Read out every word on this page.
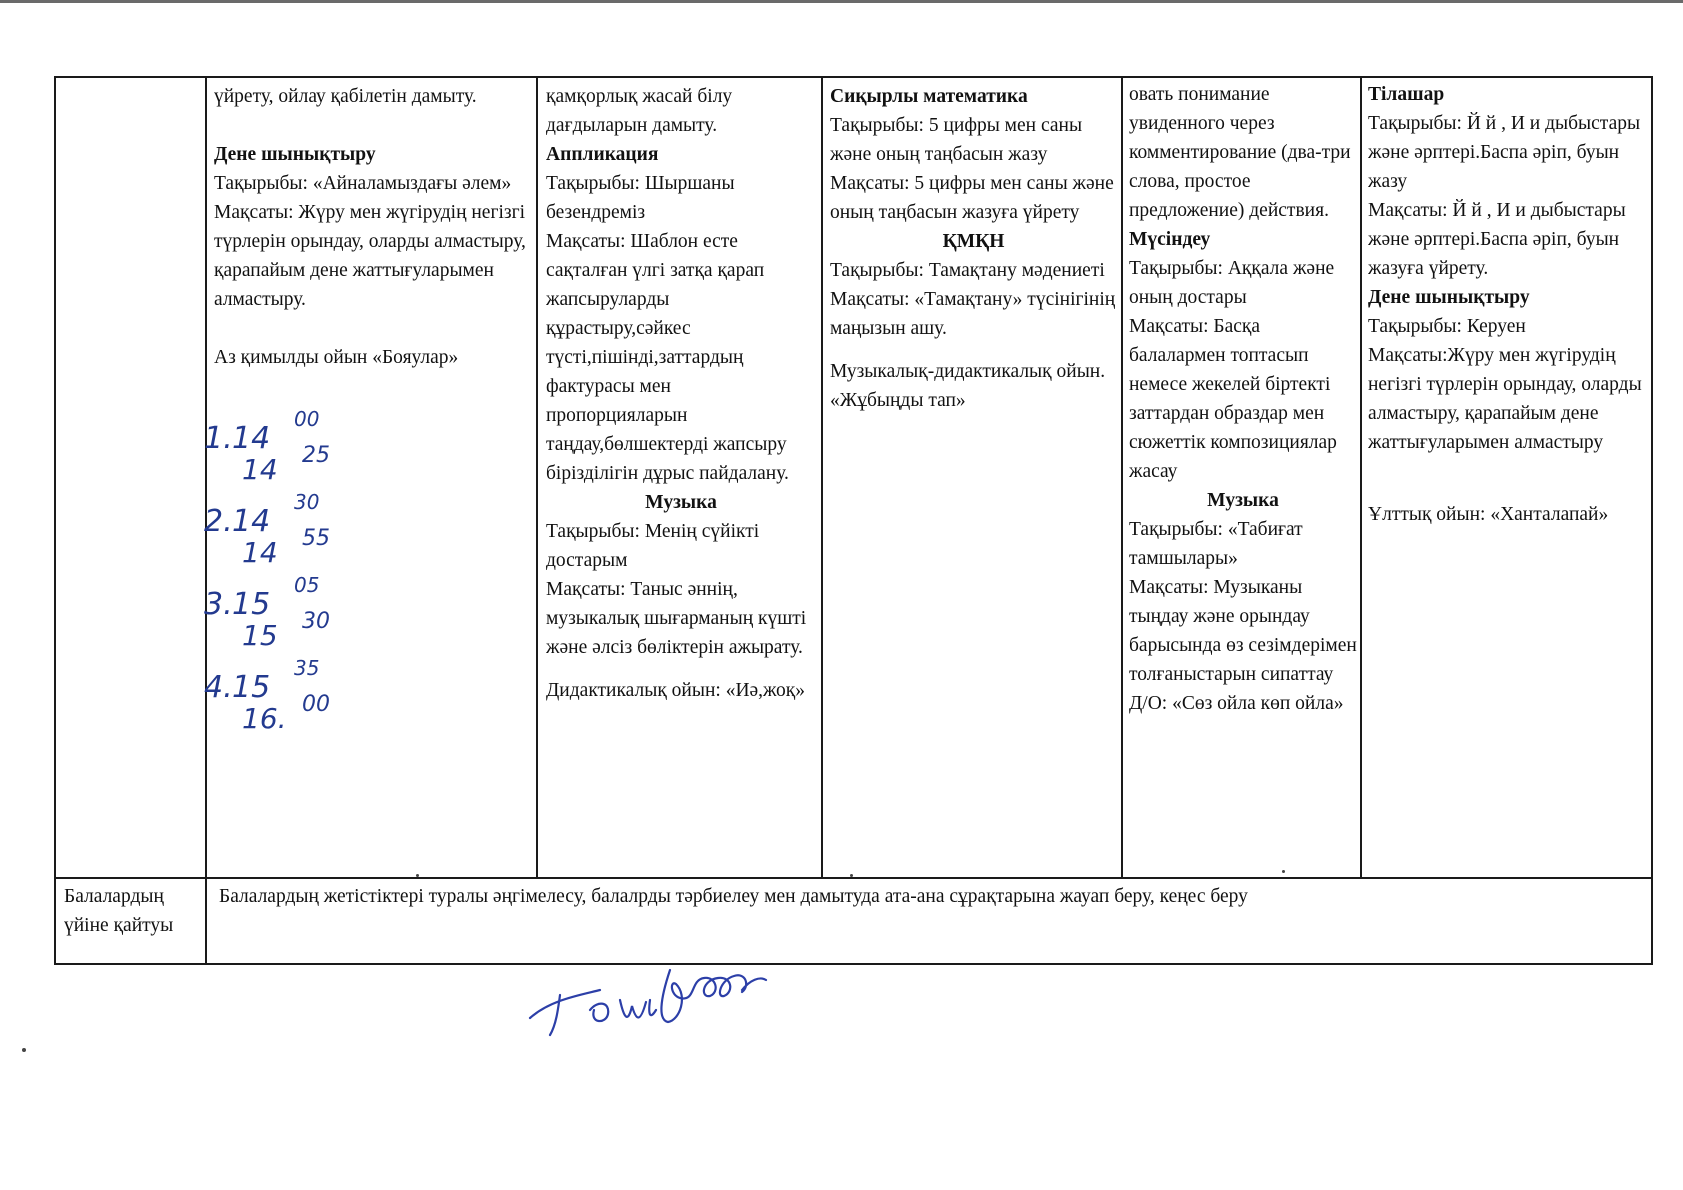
үйрету, ойлау қабілетін дамыту.

Дене шынықтыру

Тақырыбы: «Айналамыздағы әлем»

Мақсаты: Жүру мен жүгірудің негізгі түрлерін орындау, оларды алмастыру, қарапайым дене жаттығуларымен алмастыру.

Аз қимылды ойын «Бояулар»

қамқорлық жасай білу дағдыларын дамыту.

Аппликация

Тақырыбы: Шыршаны безендреміз

Мақсаты: Шаблон есте сақталған үлгі затқа қарап жапсыруларды құрастыру,сәйкес түсті,пішінді,заттардың фактурасы мен пропорцияларын таңдау,бөлшектерді жапсыру бірізділігін дұрыс пайдалану.

Музыка

Тақырыбы: Менің сүйікті достарым

Мақсаты: Таныс әннің, музыкалық шығарманың күшті және әлсіз бөліктерін ажырату.

Дидактикалық ойын: «Иә,жоқ»

Сиқырлы математика

Тақырыбы: 5 цифры мен саны және оның таңбасын жазу

Мақсаты: 5 цифры мен саны және оның таңбасын жазуға үйрету

ҚМҚН

Тақырыбы: Тамақтану мәдениеті

Мақсаты: «Тамақтану» түсінігінің маңызын ашу.

Музыкалық-дидактикалық ойын. «Жұбыңды тап»

овать понимание увиденного через комментирование (два-три слова, простое предложение) действия.

Мүсіндеу

Тақырыбы: Аққала және оның достары

Мақсаты: Басқа балалармен топтасып немесе жекелей біртекті заттардан образдар мен сюжеттік композициялар жасау

Музыка

Тақырыбы: «Табиғат тамшылары»

Мақсаты: Музыканы тыңдау және орындау барысында өз сезімдерімен толғаныстарын сипаттау

Д/О: «Сөз ойла көп ойла»

Тілашар

Тақырыбы: Й й , И и дыбыстары және әрптері.Баспа әріп, буын жазу

Мақсаты: Й й , И и дыбыстары және әрптері.Баспа әріп, буын жазуға үйрету.

Дене шынықтыру

Тақырыбы: Керуен

Мақсаты:Жүру мен жүгірудің негізгі түрлерін орындау, оларды алмастыру, қарапайым дене жаттығуларымен алмастыру

Ұлттық ойын: «Ханталапай»

Балалардың үйіне қайтуы
Балалардың жетістіктері туралы әңгімелесу, балалрды тәрбиелеу мен дамытуда ата-ана сұрақтарына жауап беру, кеңес беру
1. 14
00
14 25
2. 14
30
14 55
3. 15
05
15 30
4. 15
35
16. 00
